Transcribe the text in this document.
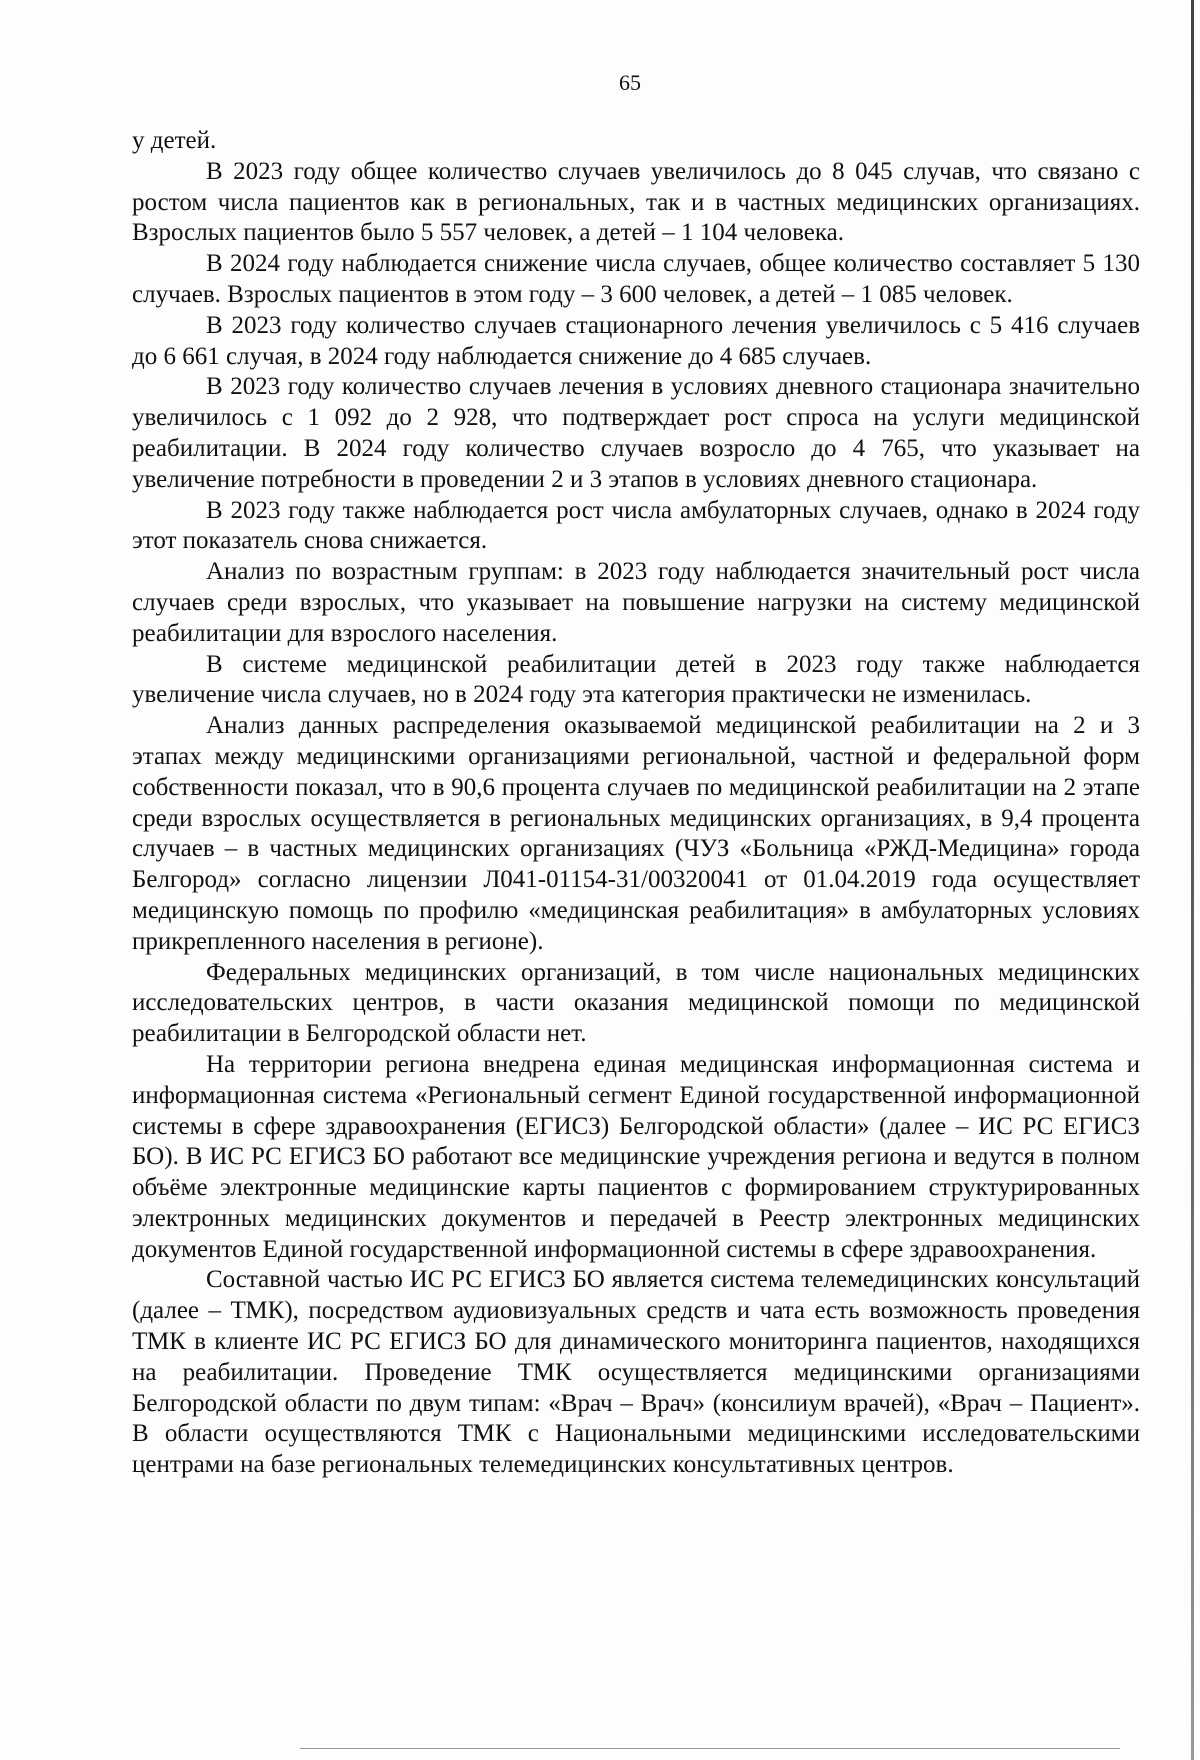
65

у детей.

В 2023 году общее количество случаев увеличилось до 8 045 случав, что связано с ростом числа пациентов как в региональных, так и в частных медицинских организациях. Взрослых пациентов было 5 557 человек, а детей – 1 104 человека.

В 2024 году наблюдается снижение числа случаев, общее количество составляет 5 130 случаев. Взрослых пациентов в этом году – 3 600 человек, а детей – 1 085 человек.

В 2023 году количество случаев стационарного лечения увеличилось с 5 416 случаев до 6 661 случая, в 2024 году наблюдается снижение до 4 685 случаев.

В 2023 году количество случаев лечения в условиях дневного стационара значительно увеличилось с 1 092 до 2 928, что подтверждает рост спроса на услуги медицинской реабилитации. В 2024 году количество случаев возросло до 4 765, что указывает на увеличение потребности в проведении 2 и 3 этапов в условиях дневного стационара.

В 2023 году также наблюдается рост числа амбулаторных случаев, однако в 2024 году этот показатель снова снижается.

Анализ по возрастным группам: в 2023 году наблюдается значительный рост числа случаев среди взрослых, что указывает на повышение нагрузки на систему медицинской реабилитации для взрослого населения.

В системе медицинской реабилитации детей в 2023 году также наблюдается увеличение числа случаев, но в 2024 году эта категория практически не изменилась.

Анализ данных распределения оказываемой медицинской реабилитации на 2 и 3 этапах между медицинскими организациями региональной, частной и федеральной форм собственности показал, что в 90,6 процента случаев по медицинской реабилитации на 2 этапе среди взрослых осуществляется в региональных медицинских организациях, в 9,4 процента случаев – в частных медицинских организациях (ЧУЗ «Больница «РЖД-Медицина» города Белгород» согласно лицензии Л041-01154-31/00320041 от 01.04.2019 года осуществляет медицинскую помощь по профилю «медицинская реабилитация» в амбулаторных условиях прикрепленного населения в регионе).

Федеральных медицинских организаций, в том числе национальных медицинских исследовательских центров, в части оказания медицинской помощи по медицинской реабилитации в Белгородской области нет.

На территории региона внедрена единая медицинская информационная система и информационная система «Региональный сегмент Единой государственной информационной системы в сфере здравоохранения (ЕГИСЗ) Белгородской области» (далее – ИС РС ЕГИСЗ БО). В ИС РС ЕГИСЗ БО работают все медицинские учреждения региона и ведутся в полном объёме электронные медицинские карты пациентов с формированием структурированных электронных медицинских документов и передачей в Реестр электронных медицинских документов Единой государственной информационной системы в сфере здравоохранения.

Составной частью ИС РС ЕГИСЗ БО является система телемедицинских консультаций (далее – ТМК), посредством аудиовизуальных средств и чата есть возможность проведения ТМК в клиенте ИС РС ЕГИСЗ БО для динамического мониторинга пациентов, находящихся на реабилитации. Проведение ТМК осуществляется медицинскими организациями Белгородской области по двум типам: «Врач – Врач» (консилиум врачей), «Врач – Пациент». В области осуществляются ТМК с Национальными медицинскими исследовательскими центрами на базе региональных телемедицинских консультативных центров.
